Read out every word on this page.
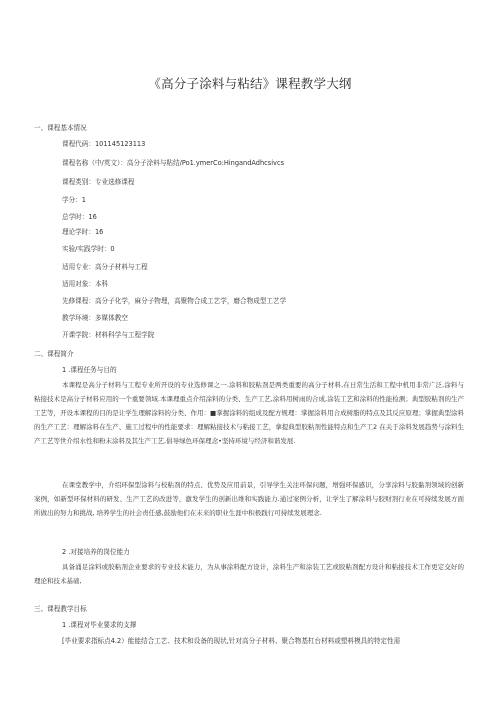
《高分子涂料与粘结》课程教学大纲
一、课程基本情况
课程代码：101145123113
课程名称（中/英文）：高分子涂料与粘结/Po1.ymerCo:HingandAdhcsivcs
课程类别：专业选修课程
学分：1
总学时：16
理论学时：16
实验/实践学时：0
适用专业：高分子材料与工程
适用对象：本科
先修课程：高分子化学，麻分子物理，高聚物合成工艺学，磨合物成型工艺学
教学环境：多媒体教空
开课学院：材料科学与工程学院
二、课程简介
1 .课程任务与目的
本课程是高分子材料与工程专业所开设的专业选修课之一.涂料和胶粘剂是两类重要的高分子材料,在日常生活和工程中机用非常广泛,涂料与粘接技术是高分子材料应用的一个重要领域.本课理重点介绍涂料的分类、生产工艺,涂料用树雨的合成,涂装工艺和涂料的性能检测；典型胶粘剂的生产工艺等，开设本课程的目的是让学生理解涂料的分类、作用：■掌握涂料的组成及配方规理：掌握涂料用合成树脂的特点及其反应原理；掌握典型涂料的生产工艺：理解涂料在生产、施工过程中的性能要求：理解粘接技术与粘接工艺，拿提典型胶粘剂性能特点和生产工2 在关于涂料发展趋势与涂料生产工艺等世介绍水性和粉末涂料及其生产工艺,倡导绿色环保理念•坚持环境与经济和谐发展.
在课堂教学中，介绍环保型涂料与校粘剂的特点、优势及应用前景，引导学生关注环保问题，增强环保感识，分享涂料与胶黏剂领域的创新案例，如新型环保材料的研发、生产工艺的改进等，激发学生的创新出维和实践能力.通过案例分析，让学生了解涂料与胶财剂行业在可持续发展方面所做出的努力和挑战, 培养学生的社会责任感,鼓励他们在未来的职业生涯中积极践行可持续发展理念.
2 .对接培养的岗位能力
具备涌足涂料或胶粘剂企业要求的专业技术能力，为从事涂料配方设计，涂料生产和涂装工艺或胶粘剂配方设计和粘接技术工作更定交好的理论和技术基础,
三、课程教学目标
1 .课程对毕业要求的支撑
[毕业要求指标点4.2）能能结合工艺、技术和设备的现状,针对高分子材料、聚合物基杠台材料或塑料模具的特定性需
